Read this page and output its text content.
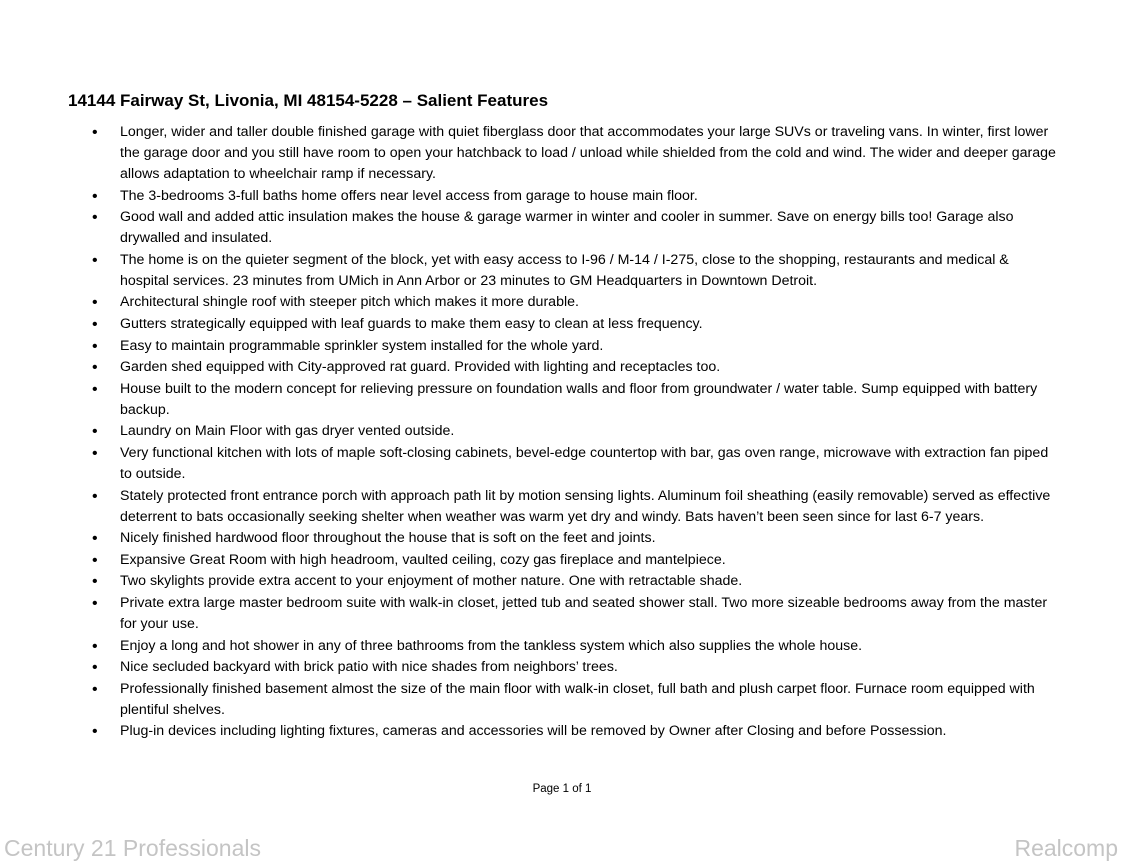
14144 Fairway St, Livonia, MI 48154-5228 – Salient Features
• Longer, wider and taller double finished garage with quiet fiberglass door that accommodates your large SUVs or traveling vans. In winter, first lower the garage door and you still have room to open your hatchback to load / unload while shielded from the cold and wind. The wider and deeper garage allows adaptation to wheelchair ramp if necessary.
• The 3-bedrooms 3-full baths home offers near level access from garage to house main floor.
• Good wall and added attic insulation makes the house & garage warmer in winter and cooler in summer. Save on energy bills too! Garage also drywalled and insulated.
• The home is on the quieter segment of the block, yet with easy access to I-96 / M-14 / I-275, close to the shopping, restaurants and medical & hospital services. 23 minutes from UMich in Ann Arbor or 23 minutes to GM Headquarters in Downtown Detroit.
• Architectural shingle roof with steeper pitch which makes it more durable.
• Gutters strategically equipped with leaf guards to make them easy to clean at less frequency.
• Easy to maintain programmable sprinkler system installed for the whole yard.
• Garden shed equipped with City-approved rat guard. Provided with lighting and receptacles too.
• House built to the modern concept for relieving pressure on foundation walls and floor from groundwater / water table. Sump equipped with battery backup.
• Laundry on Main Floor with gas dryer vented outside.
• Very functional kitchen with lots of maple soft-closing cabinets, bevel-edge countertop with bar, gas oven range, microwave with extraction fan piped to outside.
• Stately protected front entrance porch with approach path lit by motion sensing lights. Aluminum foil sheathing (easily removable) served as effective deterrent to bats occasionally seeking shelter when weather was warm yet dry and windy. Bats haven’t been seen since for last 6-7 years.
• Nicely finished hardwood floor throughout the house that is soft on the feet and joints.
• Expansive Great Room with high headroom, vaulted ceiling, cozy gas fireplace and mantelpiece.
• Two skylights provide extra accent to your enjoyment of mother nature. One with retractable shade.
• Private extra large master bedroom suite with walk-in closet, jetted tub and seated shower stall. Two more sizeable bedrooms away from the master for your use.
• Enjoy a long and hot shower in any of three bathrooms from the tankless system which also supplies the whole house.
• Nice secluded backyard with brick patio with nice shades from neighbors’ trees.
• Professionally finished basement almost the size of the main floor with walk-in closet, full bath and plush carpet floor. Furnace room equipped with plentiful shelves.
• Plug-in devices including lighting fixtures, cameras and accessories will be removed by Owner after Closing and before Possession.
Page 1 of 1
Century 21 Professionals	Realcomp
